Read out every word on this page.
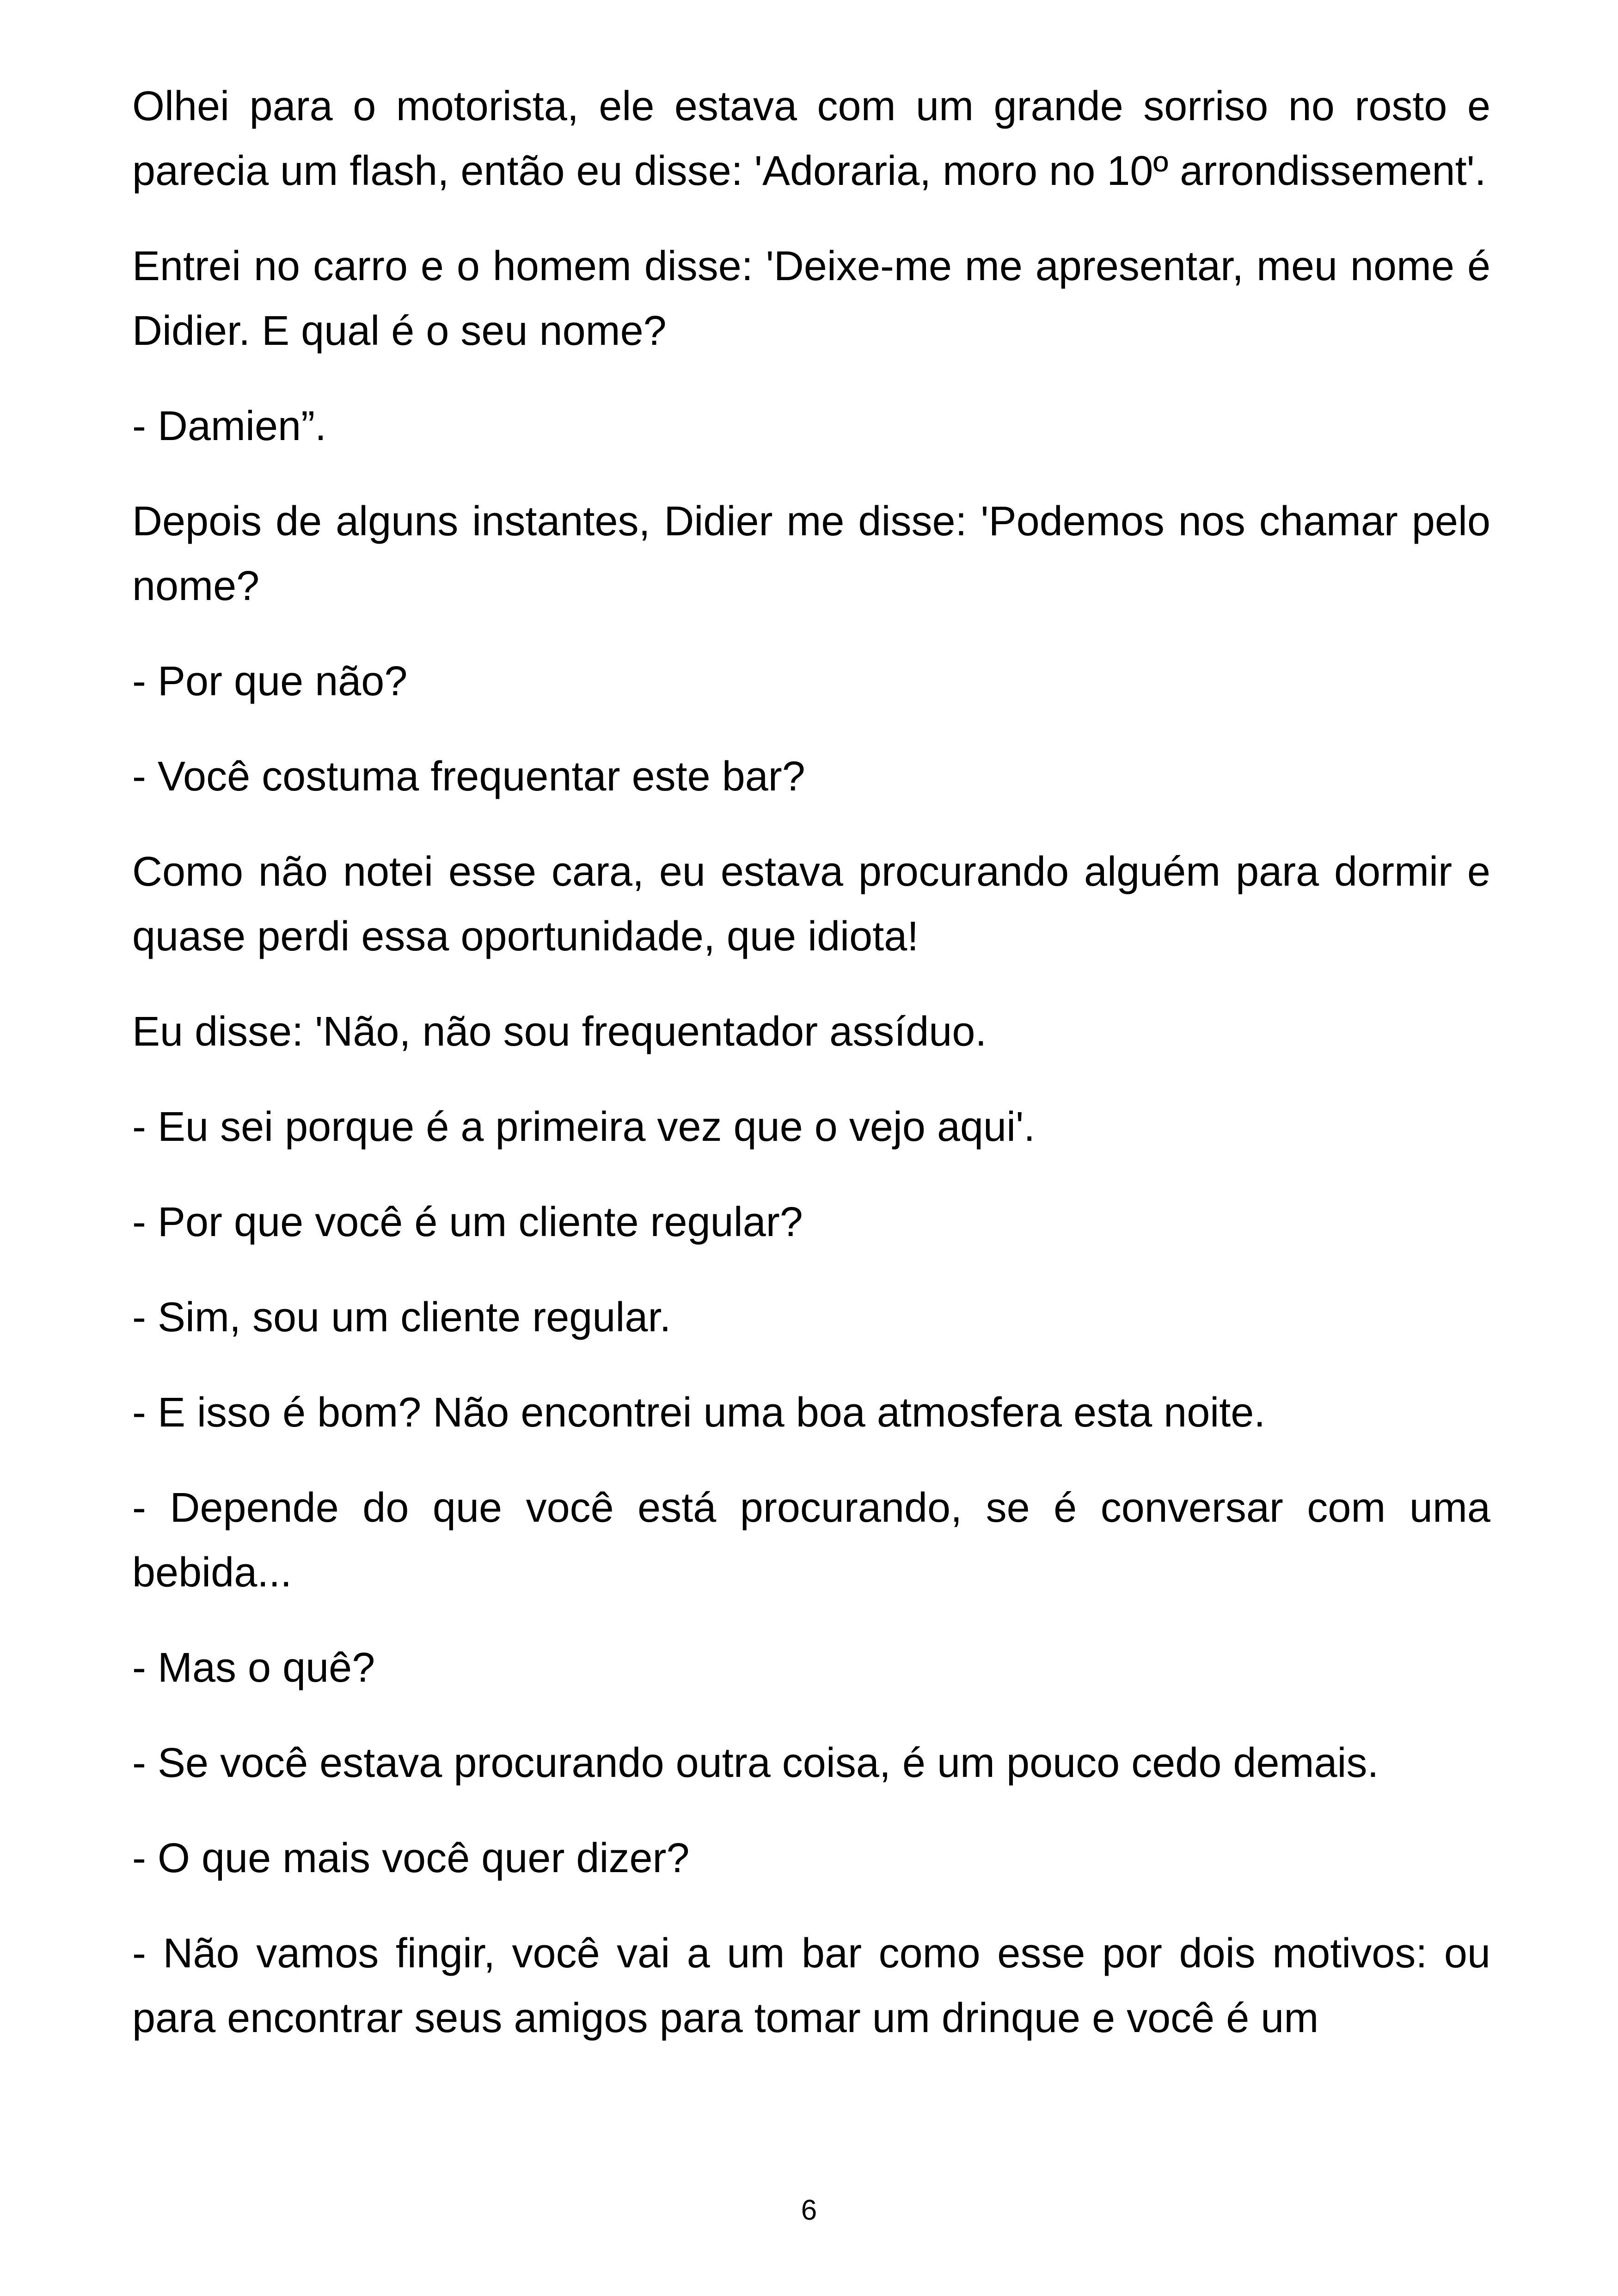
Olhei para o motorista, ele estava com um grande sorriso no rosto e parecia um flash, então eu disse: 'Adoraria, moro no 10º arrondissement'.

Entrei no carro e o homem disse: 'Deixe-me me apresentar, meu nome é Didier. E qual é o seu nome?

- Damien”.

Depois de alguns instantes, Didier me disse: 'Podemos nos chamar pelo nome?

- Por que não?

- Você costuma frequentar este bar?

Como não notei esse cara, eu estava procurando alguém para dormir e quase perdi essa oportunidade, que idiota!

Eu disse: 'Não, não sou frequentador assíduo.

- Eu sei porque é a primeira vez que o vejo aqui'.

- Por que você é um cliente regular?

- Sim, sou um cliente regular.

- E isso é bom? Não encontrei uma boa atmosfera esta noite.

- Depende do que você está procurando, se é conversar com uma bebida...

- Mas o quê?

- Se você estava procurando outra coisa, é um pouco cedo demais.

- O que mais você quer dizer?

- Não vamos fingir, você vai a um bar como esse por dois motivos: ou para encontrar seus amigos para tomar um drinque e você é um

6
